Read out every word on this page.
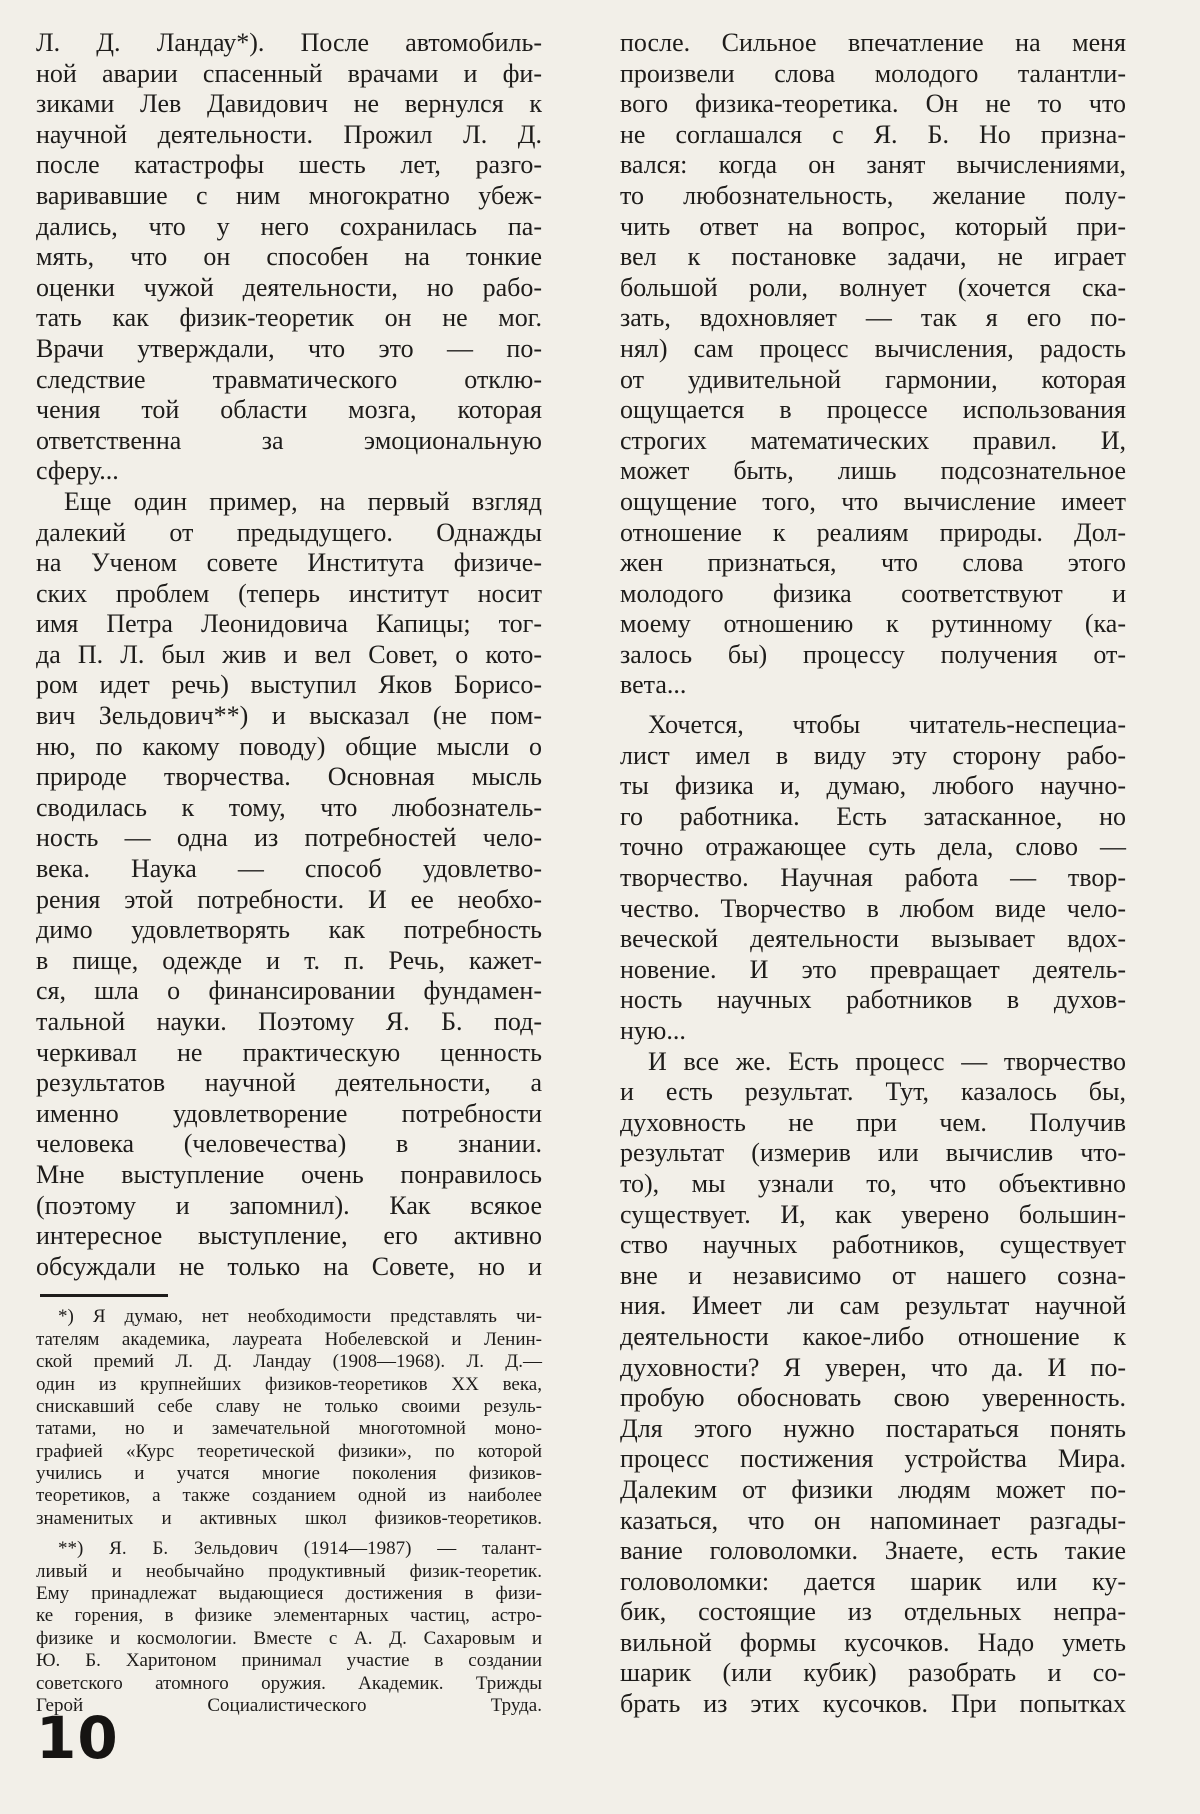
Л. Д. Ландау*). После автомобиль-
ной аварии спасенный врачами и фи-
зиками Лев Давидович не вернулся к
научной деятельности. Прожил Л. Д.
после катастрофы шесть лет, разго-
варивавшие с ним многократно убеж-
дались, что у него сохранилась па-
мять, что он способен на тонкие
оценки чужой деятельности, но рабо-
тать как физик-теоретик он не мог.
Врачи утверждали, что это — по-
следствие травматического отклю-
чения той области мозга, которая
ответственна за эмоциональную
сферу...
Еще один пример, на первый взгляд
далекий от предыдущего. Однажды
на Ученом совете Института физиче-
ских проблем (теперь институт носит
имя Петра Леонидовича Капицы; тог-
да П. Л. был жив и вел Совет, о кото-
ром идет речь) выступил Яков Борисо-
вич Зельдович**) и высказал (не пом-
ню, по какому поводу) общие мысли о
природе творчества. Основная мысль
сводилась к тому, что любознатель-
ность — одна из потребностей чело-
века. Наука — способ удовлетво-
рения этой потребности. И ее необхо-
димо удовлетворять как потребность
в пище, одежде и т. п. Речь, кажет-
ся, шла о финансировании фундамен-
тальной науки. Поэтому Я. Б. под-
черкивал не практическую ценность
результатов научной деятельности, а
именно удовлетворение потребности
человека (человечества) в знании.
Мне выступление очень понравилось
(поэтому и запомнил). Как всякое
интересное выступление, его активно
обсуждали не только на Совете, но и
*) Я думаю, нет необходимости представлять чи-
тателям академика, лауреата Нобелевской и Ленин-
ской премий Л. Д. Ландау (1908—1968). Л. Д.—
один из крупнейших физиков-теоретиков XX века,
снискавший себе славу не только своими резуль-
татами, но и замечательной многотомной моно-
графией «Курс теоретической физики», по которой
учились и учатся многие поколения физиков-
теоретиков, а также созданием одной из наиболее
знаменитых и активных школ физиков-теоретиков.
**) Я. Б. Зельдович (1914—1987) — талант-
ливый и необычайно продуктивный физик-теоретик.
Ему принадлежат выдающиеся достижения в физи-
ке горения, в физике элементарных частиц, астро-
физике и космологии. Вместе с А. Д. Сахаровым и
Ю. Б. Харитоном принимал участие в создании
советского атомного оружия. Академик. Трижды
Герой Социалистического Труда.
после. Сильное впечатление на меня
произвели слова молодого талантли-
вого физика-теоретика. Он не то что
не соглашался с Я. Б. Но призна-
вался: когда он занят вычислениями,
то любознательность, желание полу-
чить ответ на вопрос, который при-
вел к постановке задачи, не играет
большой роли, волнует (хочется ска-
зать, вдохновляет — так я его по-
нял) сам процесс вычисления, радость
от удивительной гармонии, которая
ощущается в процессе использования
строгих математических правил. И,
может быть, лишь подсознательное
ощущение того, что вычисление имеет
отношение к реалиям природы. Дол-
жен признаться, что слова этого
молодого физика соответствуют и
моему отношению к рутинному (ка-
залось бы) процессу получения от-
вета...
Хочется, чтобы читатель-неспециа-
лист имел в виду эту сторону рабо-
ты физика и, думаю, любого научно-
го работника. Есть затасканное, но
точно отражающее суть дела, слово —
творчество. Научная работа — твор-
чество. Творчество в любом виде чело-
веческой деятельности вызывает вдох-
новение. И это превращает деятель-
ность научных работников в духов-
ную...
И все же. Есть процесс — творчество
и есть результат. Тут, казалось бы,
духовность не при чем. Получив
результат (измерив или вычислив что-
то), мы узнали то, что объективно
существует. И, как уверено большин-
ство научных работников, существует
вне и независимо от нашего созна-
ния. Имеет ли сам результат научной
деятельности какое-либо отношение к
духовности? Я уверен, что да. И по-
пробую обосновать свою уверенность.
Для этого нужно постараться понять
процесс постижения устройства Мира.
Далеким от физики людям может по-
казаться, что он напоминает разгады-
вание головоломки. Знаете, есть такие
головоломки: дается шарик или ку-
бик, состоящие из отдельных непра-
вильной формы кусочков. Надо уметь
шарик (или кубик) разобрать и со-
брать из этих кусочков. При попытках
10
